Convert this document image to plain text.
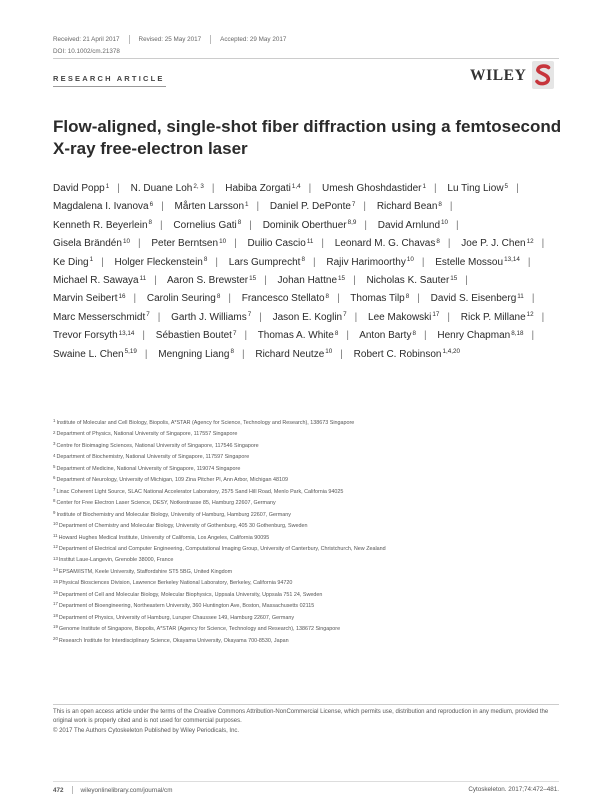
Received: 21 April 2017	Revised: 25 May 2017	Accepted: 29 May 2017
DOI: 10.1002/cm.21378
RESEARCH ARTICLE	WILEY
Flow-aligned, single-shot fiber diffraction using a femtosecond X-ray free-electron laser
David Popp$^1$ | N. Duane Loh$^{2, 3}$ | Habiba Zorgati$^{1,4}$ | Umesh Ghoshdastider$^1$ | Lu Ting Liow$^5$ | Magdalena I. Ivanova$^6$ | Mårten Larsson$^1$ | Daniel P. DePonte$^7$ | Richard Bean$^8$ | Kenneth R. Beyerlein$^8$ | Cornelius Gati$^8$ | Dominik Oberthuer$^{8,9}$ | David Arnlund$^{10}$ | Gisela Brändén$^{10}$ | Peter Berntsen$^{10}$ | Duilio Cascio$^{11}$ | Leonard M. G. Chavas$^8$ | Joe P. J. Chen$^{12}$ | Ke Ding$^1$ | Holger Fleckenstein$^8$ | Lars Gumprecht$^8$ | Rajiv Harimoorthy$^{10}$ | Estelle Mossou$^{13,14}$ | Michael R. Sawaya$^{11}$ | Aaron S. Brewster$^{15}$ | Johan Hattne$^{15}$ | Nicholas K. Sauter$^{15}$ | Marvin Seibert$^{16}$ | Carolin Seuring$^8$ | Francesco Stellato$^8$ | Thomas Tilp$^8$ | David S. Eisenberg$^{11}$ | Marc Messerschmidt$^7$ | Garth J. Williams$^7$ | Jason E. Koglin$^7$ | Lee Makowski$^{17}$ | Rick P. Millane$^{12}$ | Trevor Forsyth$^{13,14}$ | Sébastien Boutet$^7$ | Thomas A. White$^8$ | Anton Barty$^8$ | Henry Chapman$^{8,18}$ | Swaine L. Chen$^{5,19}$ | Mengning Liang$^8$ | Richard Neutze$^{10}$ | Robert C. Robinson$^{1,4,20}$

$^1$Institute of Molecular and Cell Biology, Biopolis, A*STAR (Agency for Science, Technology and Research), 138673 Singapore

$^2$Department of Physics, National University of Singapore, 117557 Singapore

$^3$Centre for Bioimaging Sciences, National University of Singapore, 117546 Singapore

$^4$Department of Biochemistry, National University of Singapore, 117597 Singapore

$^5$Department of Medicine, National University of Singapore, 119074 Singapore

$^6$Department of Neurology, University of Michigan, 109 Zina Pitcher Pl, Ann Arbor, Michigan 48109

$^7$Linac Coherent Light Source, SLAC National Accelerator Laboratory, 2575 Sand Hill Road, Menlo Park, California 94025

$^8$Center for Free Electron Laser Science, DESY, Notkestrasse 85, Hamburg 22607, Germany

$^9$Institute of Biochemistry and Molecular Biology, University of Hamburg, Hamburg 22607, Germany

$^{10}$Department of Chemistry and Molecular Biology, University of Gothenburg, 405 30 Gothenburg, Sweden

$^{11}$Howard Hughes Medical Institute, University of California, Los Angeles, California 90095

$^{12}$Department of Electrical and Computer Engineering, Computational Imaging Group, University of Canterbury, Christchurch, New Zealand

$^{13}$Institut Laue-Langevin, Grenoble 38000, France

$^{14}$EPSAM/ISTM, Keele University, Staffordshire ST5 5BG, United Kingdom

$^{15}$Physical Biosciences Division, Lawrence Berkeley National Laboratory, Berkeley, California 94720

$^{16}$Department of Cell and Molecular Biology, Molecular Biophysics, Uppsala University, Uppsala 751 24, Sweden

$^{17}$Department of Bioengineering, Northeastern University, 360 Huntington Ave, Boston, Massachusetts 02115

$^{18}$Department of Physics, University of Hamburg, Luruper Chaussee 149, Hamburg 22607, Germany

$^{19}$Genome Institute of Singapore, Biopolis, A*STAR (Agency for Science, Technology and Research), 138672 Singapore

$^{20}$Research Institute for Interdisciplinary Science, Okayama University, Okayama 700-8530, Japan

This is an open access article under the terms of the Creative Commons Attribution-NonCommercial License, which permits use, distribution and reproduction in any medium, provided the original work is properly cited and is not used for commercial purposes.

© 2017 The Authors Cytoskeleton Published by Wiley Periodicals, Inc.

472	wileyonlinelibrary.com/journal/cm	Cytoskeleton. 2017;74:472–481.
